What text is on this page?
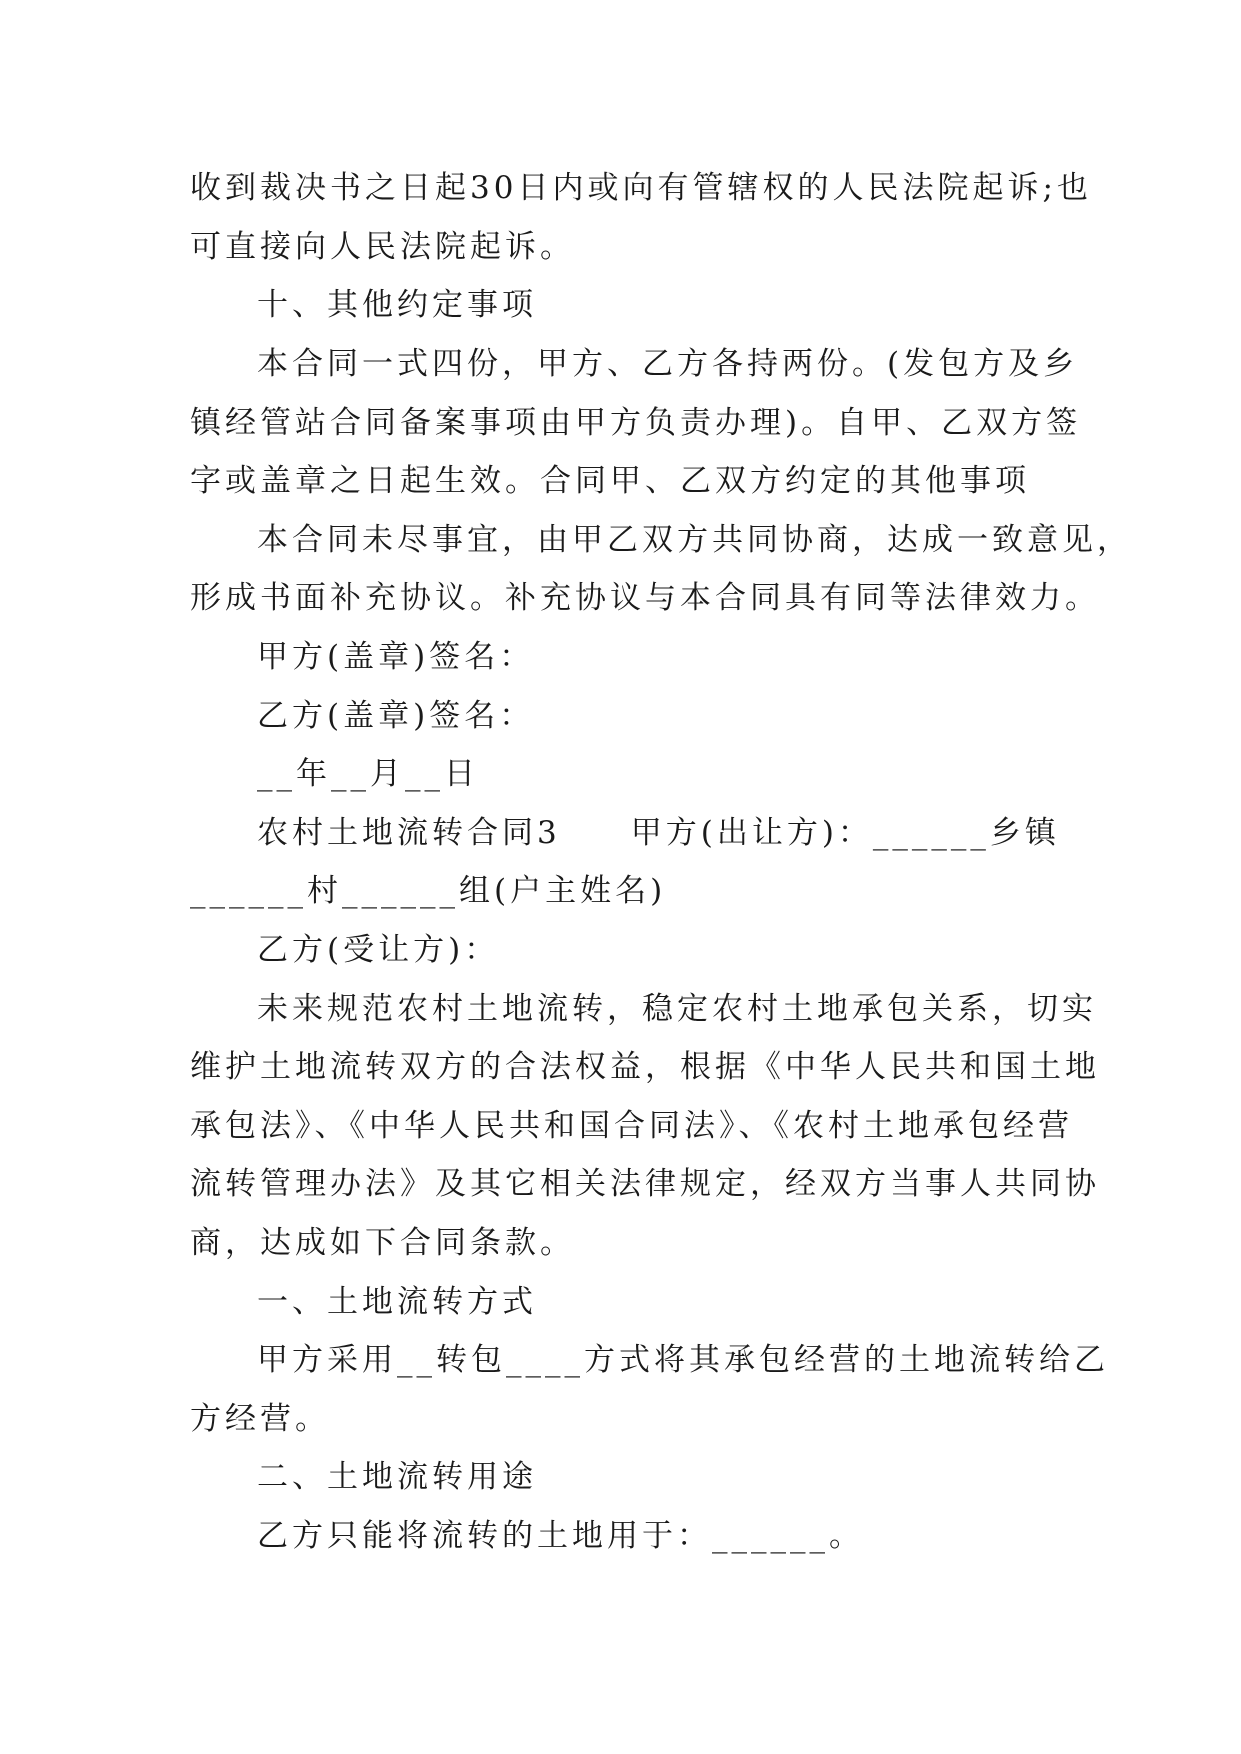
收到裁决书之日起30日内或向有管辖权的人民法院起诉;也
可直接向人民法院起诉。
十、其他约定事项
本合同一式四份，甲方、乙方各持两份。(发包方及乡
镇经管站合同备案事项由甲方负责办理)。自甲、乙双方签
字或盖章之日起生效。合同甲、乙双方约定的其他事项
本合同未尽事宜，由甲乙双方共同协商，达成一致意见，
形成书面补充协议。补充协议与本合同具有同等法律效力。
甲方(盖章)签名：
乙方(盖章)签名：
__年__月__日
农村土地流转合同3　　甲方(出让方)：______乡镇
______村______组(户主姓名)
乙方(受让方)：
未来规范农村土地流转，稳定农村土地承包关系，切实
维护土地流转双方的合法权益，根据《中华人民共和国土地
承包法》、《中华人民共和国合同法》、《农村土地承包经营
流转管理办法》及其它相关法律规定，经双方当事人共同协
商，达成如下合同条款。
一、土地流转方式
甲方采用__转包____方式将其承包经营的土地流转给乙
方经营。
二、土地流转用途
乙方只能将流转的土地用于：______。
